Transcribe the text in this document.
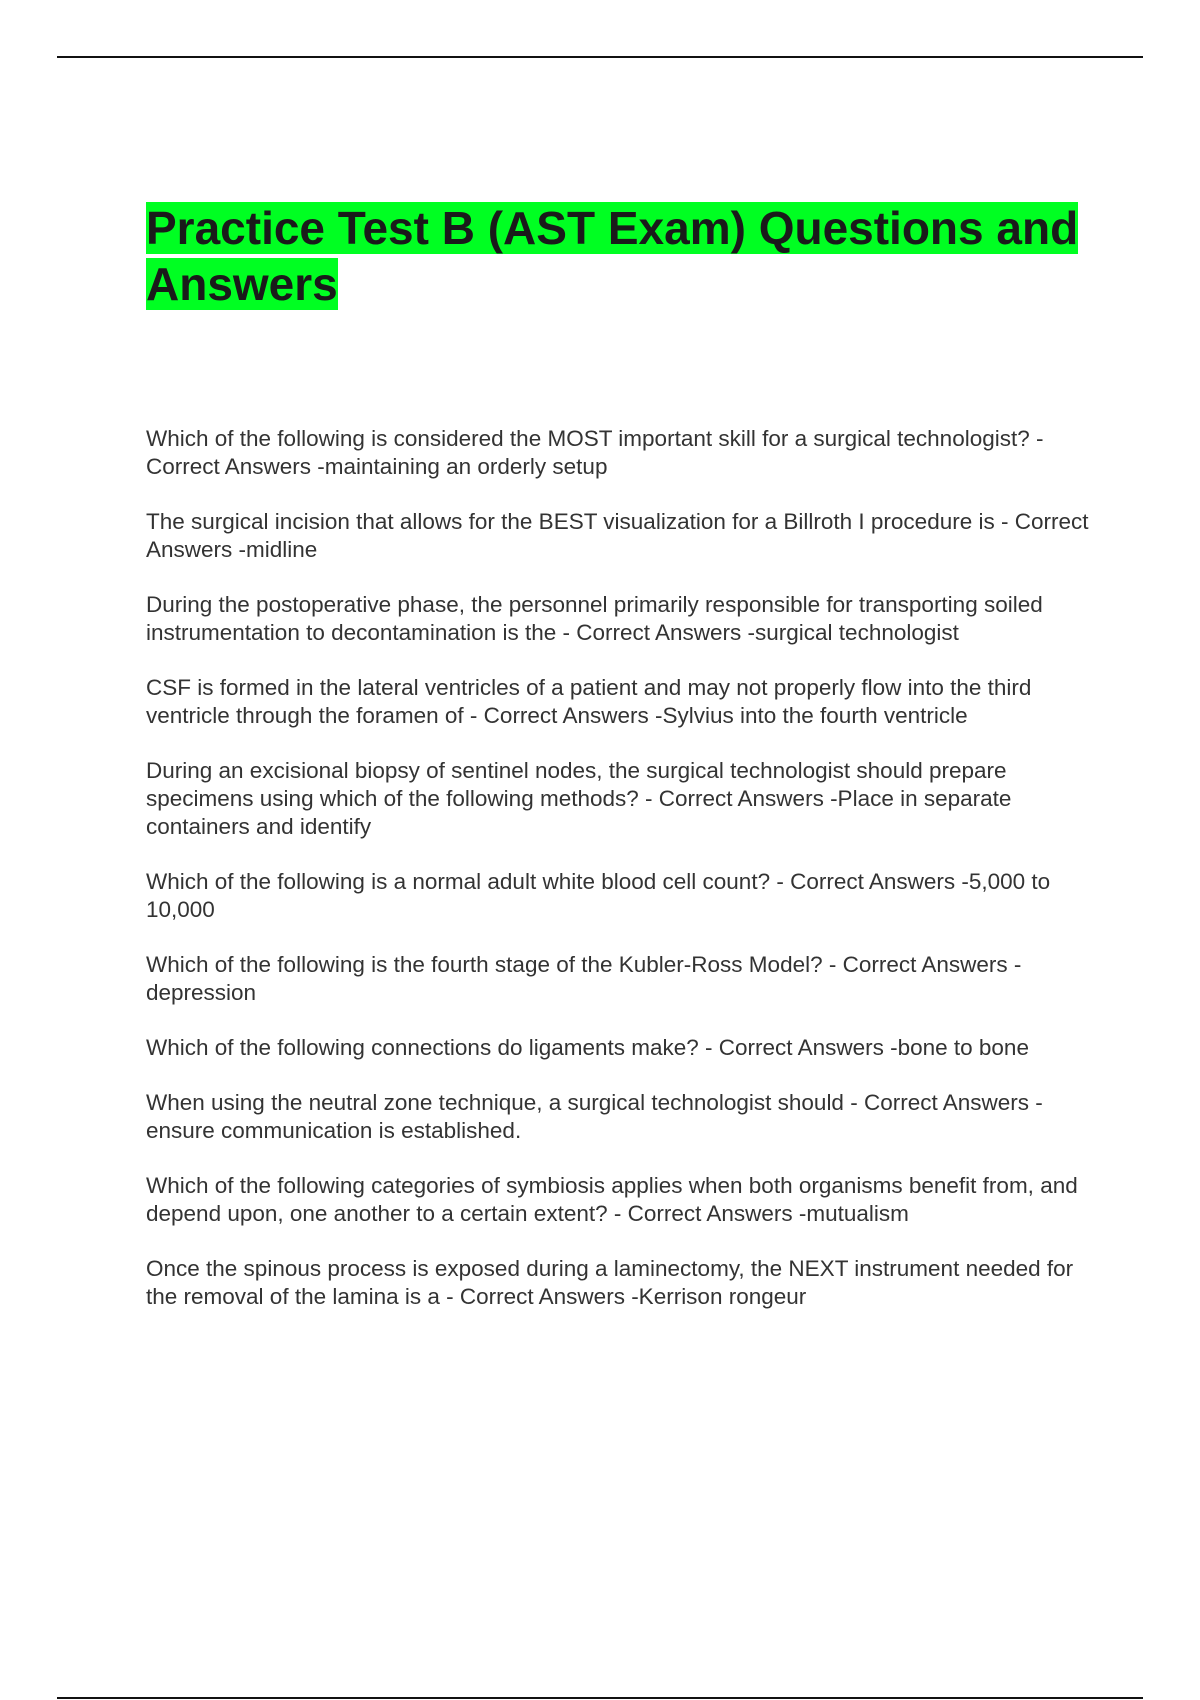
Practice Test B (AST Exam) Questions and Answers
Which of the following is considered the MOST important skill for a surgical technologist? - Correct Answers -maintaining an orderly setup
The surgical incision that allows for the BEST visualization for a Billroth I procedure is - Correct Answers -midline
During the postoperative phase, the personnel primarily responsible for transporting soiled instrumentation to decontamination is the - Correct Answers -surgical technologist
CSF is formed in the lateral ventricles of a patient and may not properly flow into the third ventricle through the foramen of - Correct Answers -Sylvius into the fourth ventricle
During an excisional biopsy of sentinel nodes, the surgical technologist should prepare specimens using which of the following methods? - Correct Answers -Place in separate containers and identify
Which of the following is a normal adult white blood cell count? - Correct Answers -5,000 to 10,000
Which of the following is the fourth stage of the Kubler-Ross Model? - Correct Answers -depression
Which of the following connections do ligaments make? - Correct Answers -bone to bone
When using the neutral zone technique, a surgical technologist should - Correct Answers -ensure communication is established.
Which of the following categories of symbiosis applies when both organisms benefit from, and depend upon, one another to a certain extent? - Correct Answers -mutualism
Once the spinous process is exposed during a laminectomy, the NEXT instrument needed for the removal of the lamina is a - Correct Answers -Kerrison rongeur
